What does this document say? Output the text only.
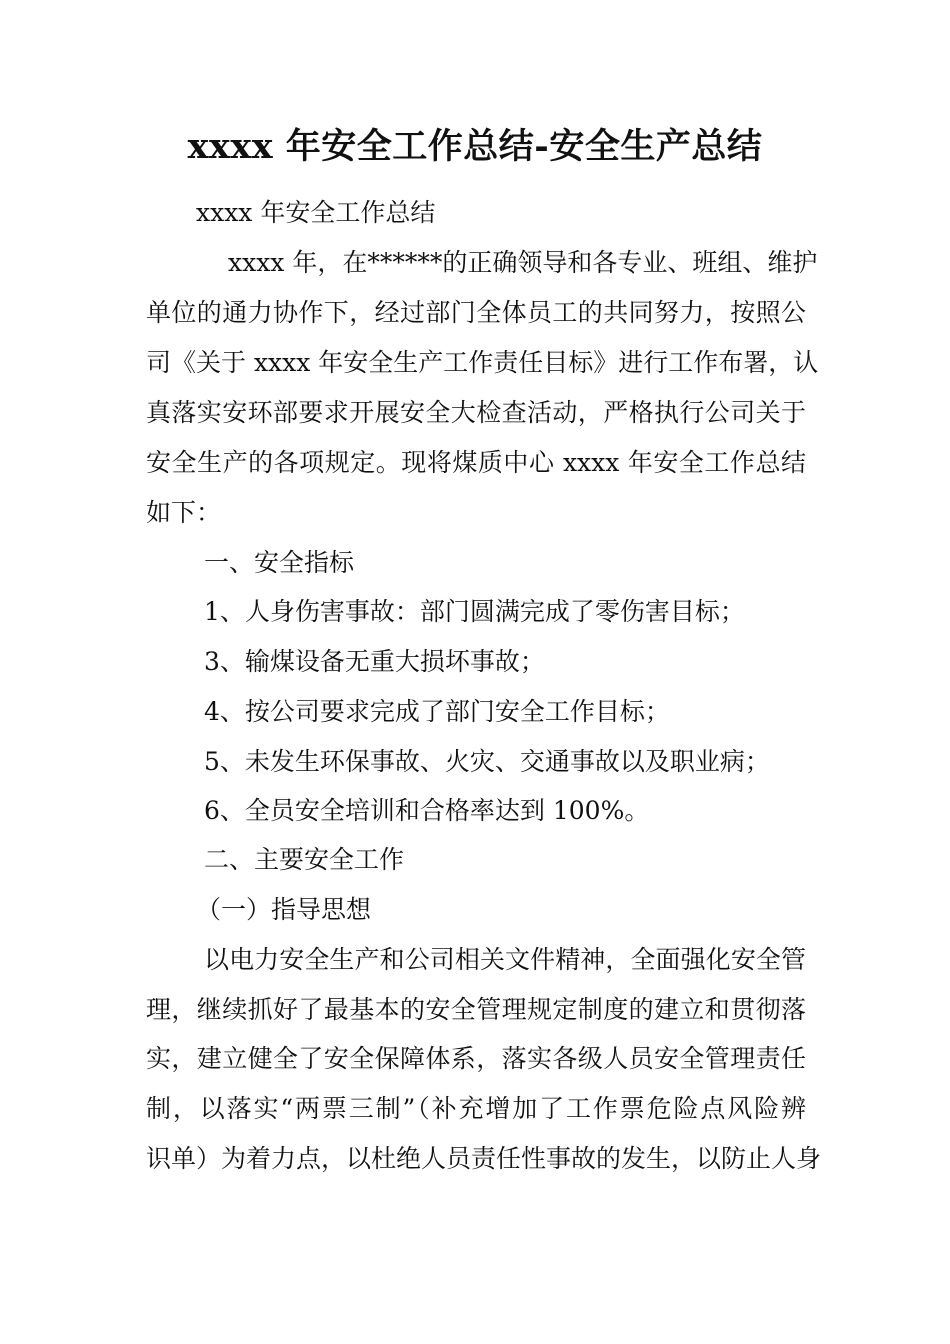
xxxx 年安全工作总结-安全生产总结
xxxx 年安全工作总结
xxxx 年，在******的正确领导和各专业、班组、维护
单位的通力协作下，经过部门全体员工的共同努力，按照公
司《关于 xxxx 年安全生产工作责任目标》进行工作布署，认
真落实安环部要求开展安全大检查活动，严格执行公司关于
安全生产的各项规定。现将煤质中心 xxxx 年安全工作总结
如下：
一、安全指标
1、人身伤害事故：部门圆满完成了零伤害目标；
3、输煤设备无重大损坏事故；
4、按公司要求完成了部门安全工作目标；
5、未发生环保事故、火灾、交通事故以及职业病；
6、全员安全培训和合格率达到 100%。
二、主要安全工作
（一）指导思想
以电力安全生产和公司相关文件精神，全面强化安全管
理，继续抓好了最基本的安全管理规定制度的建立和贯彻落
实，建立健全了安全保障体系，落实各级人员安全管理责任
制，以落实“两票三制”（补充增加了工作票危险点风险辨
识单）为着力点，以杜绝人员责任性事故的发生，以防止人身
